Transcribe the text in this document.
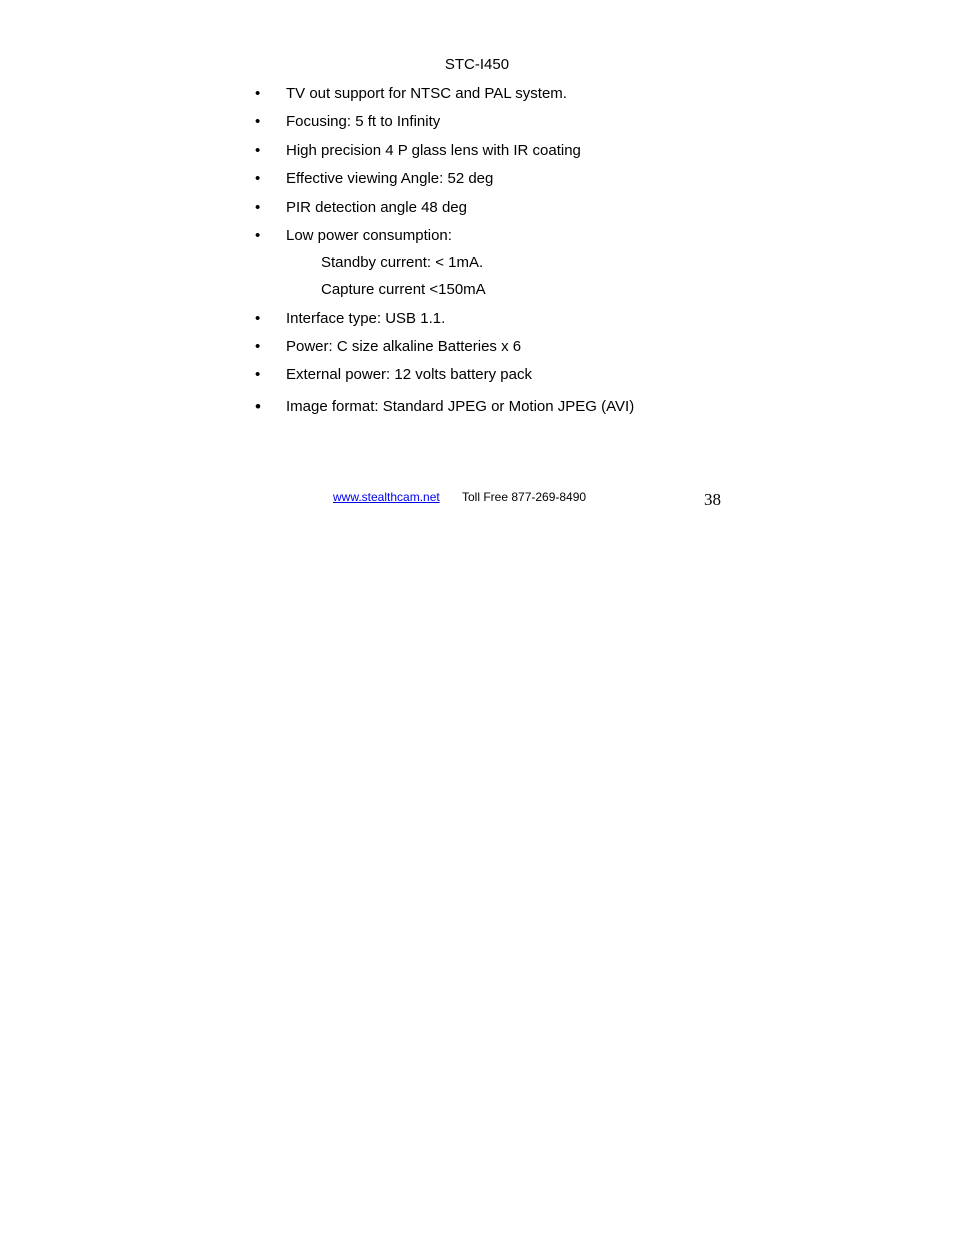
STC-I450
•	TV out support for NTSC and PAL system.
•	Focusing: 5 ft to Infinity
•	High precision 4 P glass lens with IR coating
•	Effective viewing Angle: 52 deg
•	PIR detection angle 48 deg
•	Low power consumption:
Standby current: < 1mA.
Capture current <150mA
•	Interface type: USB 1.1.
•	Power: C size alkaline Batteries x 6
•	External power: 12 volts battery pack
•	Image format: Standard JPEG or Motion JPEG (AVI)
www.stealthcam.net Toll Free 877-269-8490	38
